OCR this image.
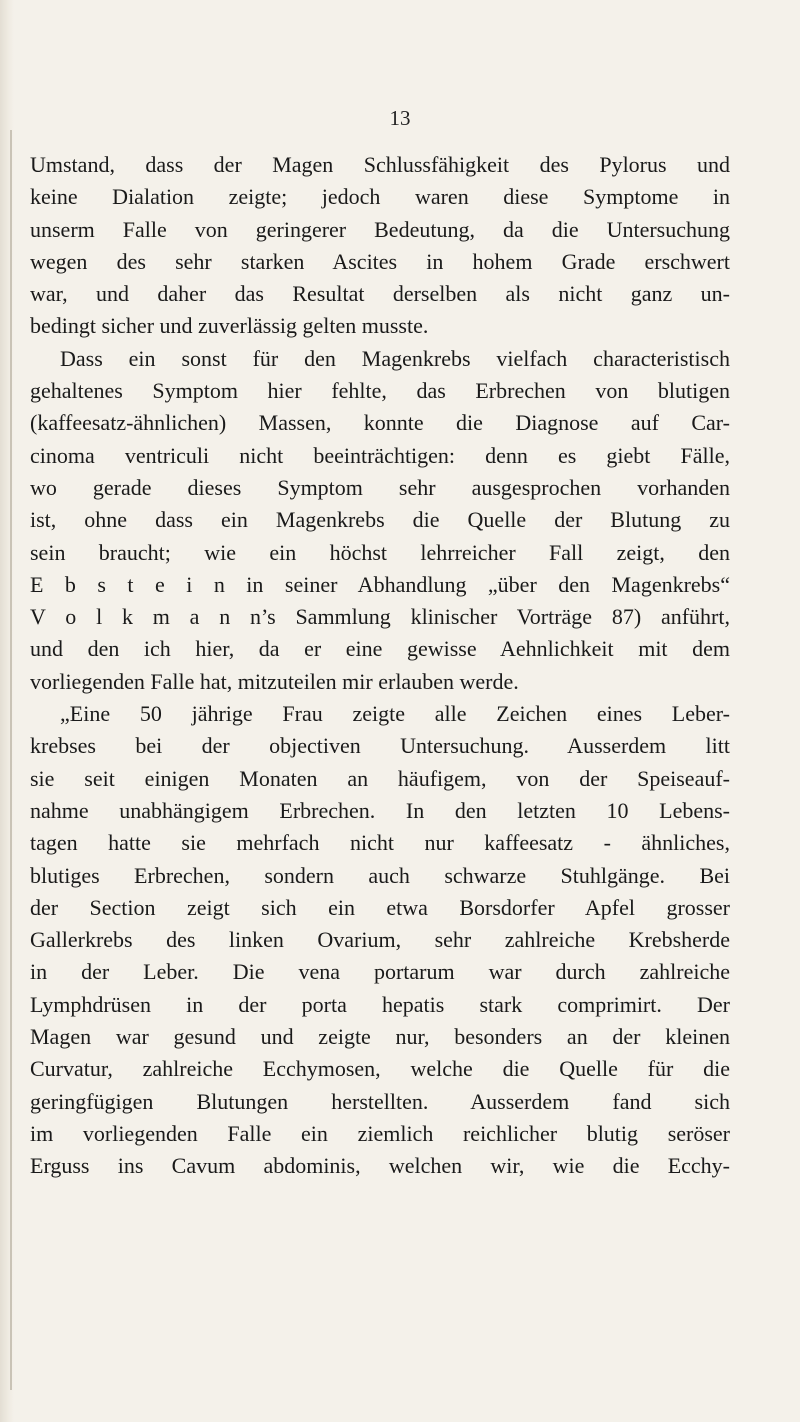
13
Umstand, dass der Magen Schlussfähigkeit des Pylorus und
keine Dialation zeigte; jedoch waren diese Symptome in
unserm Falle von geringerer Bedeutung, da die Untersuchung
wegen des sehr starken Ascites in hohem Grade erschwert
war, und daher das Resultat derselben als nicht ganz un-
bedingt sicher und zuverlässig gelten musste.
Dass ein sonst für den Magenkrebs vielfach characteristisch
gehaltenes Symptom hier fehlte, das Erbrechen von blutigen
(kaffeesatz-ähnlichen) Massen, konnte die Diagnose auf Car-
cinoma ventriculi nicht beeinträchtigen: denn es giebt Fälle,
wo gerade dieses Symptom sehr ausgesprochen vorhanden
ist, ohne dass ein Magenkrebs die Quelle der Blutung zu
sein braucht; wie ein höchst lehrreicher Fall zeigt, den
E b s t e i n in seiner Abhandlung „über den Magenkrebs“
V o l k m a n n’s Sammlung klinischer Vorträge 87) anführt,
und den ich hier, da er eine gewisse Aehnlichkeit mit dem
vorliegenden Falle hat, mitzuteilen mir erlauben werde.
„Eine 50 jährige Frau zeigte alle Zeichen eines Leber-
krebses bei der objectiven Untersuchung. Ausserdem litt
sie seit einigen Monaten an häufigem, von der Speiseauf-
nahme unabhängigem Erbrechen. In den letzten 10 Lebens-
tagen hatte sie mehrfach nicht nur kaffeesatz - ähnliches,
blutiges Erbrechen, sondern auch schwarze Stuhlgänge. Bei
der Section zeigt sich ein etwa Borsdorfer Apfel grosser
Gallerkrebs des linken Ovarium, sehr zahlreiche Krebsherde
in der Leber. Die vena portarum war durch zahlreiche
Lymphdrüsen in der porta hepatis stark comprimirt. Der
Magen war gesund und zeigte nur, besonders an der kleinen
Curvatur, zahlreiche Ecchymosen, welche die Quelle für die
geringfügigen Blutungen herstellten. Ausserdem fand sich
im vorliegenden Falle ein ziemlich reichlicher blutig seröser
Erguss ins Cavum abdominis, welchen wir, wie die Ecchy-
